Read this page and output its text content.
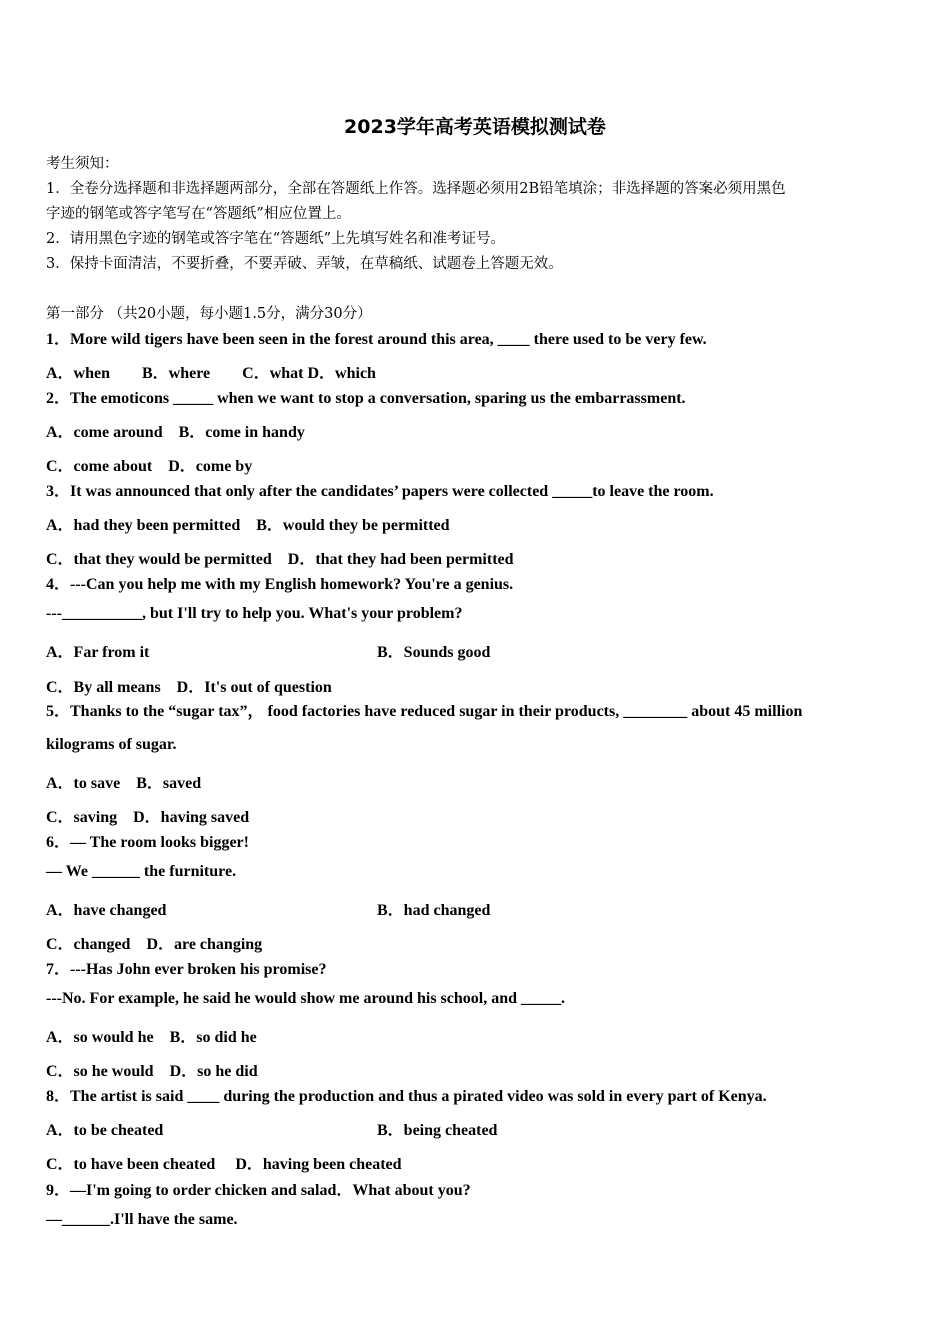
2023学年高考英语模拟测试卷
考生须知：
1．全卷分选择题和非选择题两部分，全部在答题纸上作答。选择题必须用2B铅笔填涂；非选择题的答案必须用黑色
字迹的钢笔或答字笔写在“答题纸”相应位置上。
2．请用黑色字迹的钢笔或答字笔在“答题纸”上先填写姓名和准考证号。
3．保持卡面清洁，不要折叠，不要弄破、弄皱，在草稿纸、试题卷上答题无效。
第一部分 （共20小题，每小题1.5分，满分30分）
1．More wild tigers have been seen in the forest around this area, ____ there used to be very few.
A．when　　B．where　　C．what D．which
2．The emoticons _____ when we want to stop a conversation, sparing us the embarrassment.
A．come around　B．come in handy
C．come about　D．come by
3．It was announced that only after the candidates’ papers were collected _____to leave the room.
A．had they been permitted　B．would they be permitted
C．that they would be permitted　D．that they had been permitted
4．---Can you help me with my English homework? You're a genius.
---__________, but I'll try to help you. What's your problem?
A．Far from it	B．Sounds good
C．By all means　D．It's out of question
5．Thanks to the “sugar tax”， food factories have reduced sugar in their products, ________ about 45 million
kilograms of sugar.
A．to save　B．saved
C．saving　D．having saved
6．— The room looks bigger!
— We ______ the furniture.
A．have changed	B．had changed
C．changed　D．are changing
7．---Has John ever broken his promise?
---No. For example, he said he would show me around his school, and _____.
A．so would he　B．so did he
C．so he would　D．so he did
8．The artist is said ____ during the production and thus a pirated video was sold in every part of Kenya.
A．to be cheated	B．being cheated
C．to have been cheated　 D．having been cheated
9．—I'm going to order chicken and salad．What about you?
—______.I'll have the same.
